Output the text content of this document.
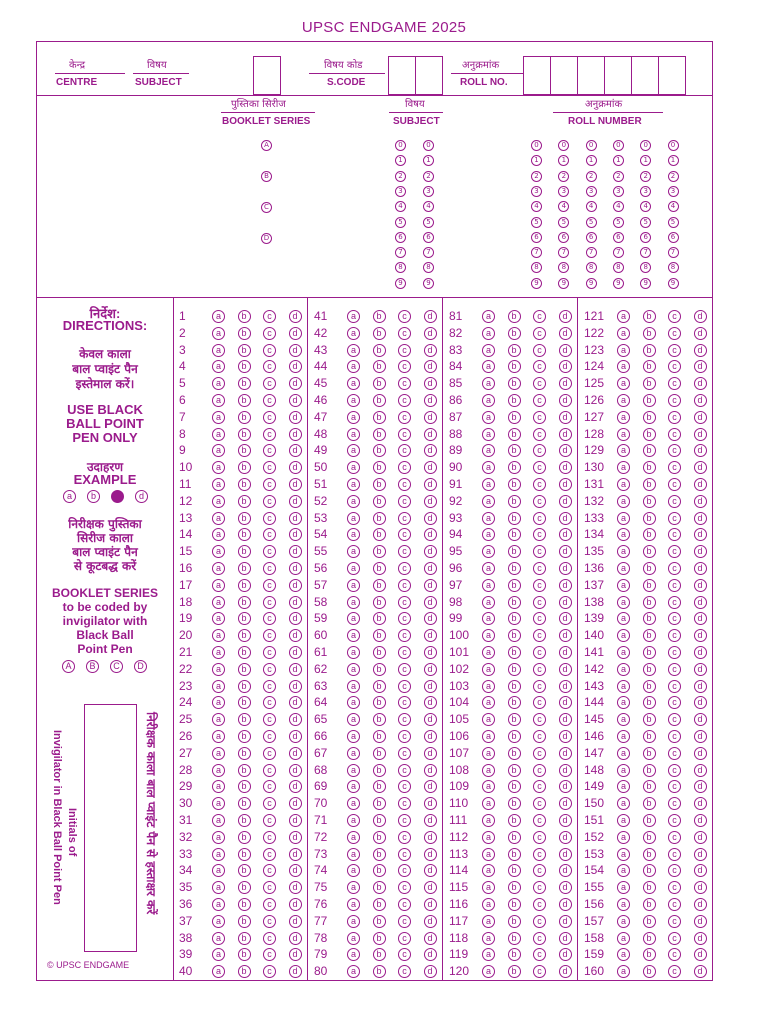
UPSC ENDGAME 2025
केन्द्र
CENTRE
विषय
SUBJECT
विषय कोड
S.CODE
अनुक्रमांक
ROLL NO.
पुस्तिका सिरीज
BOOKLET SERIES
विषय
SUBJECT
अनुक्रमांक
ROLL NUMBER
A
B
C
D
0
1
2
3
4
5
6
7
8
9
0
1
2
3
4
5
6
7
8
9
0
1
2
3
4
5
6
7
8
9
0
1
2
3
4
5
6
7
8
9
0
1
2
3
4
5
6
7
8
9
0
1
2
3
4
5
6
7
8
9
0
1
2
3
4
5
6
7
8
9
0
1
2
3
4
5
6
7
8
9
1	a	b	c	d
2	a	b	c	d
3	a	b	c	d
4	a	b	c	d
5	a	b	c	d
6	a	b	c	d
7	a	b	c	d
8	a	b	c	d
9	a	b	c	d
10	a	b	c	d
11	a	b	c	d
12	a	b	c	d
13	a	b	c	d
14	a	b	c	d
15	a	b	c	d
16	a	b	c	d
17	a	b	c	d
18	a	b	c	d
19	a	b	c	d
20	a	b	c	d
21	a	b	c	d
22	a	b	c	d
23	a	b	c	d
24	a	b	c	d
25	a	b	c	d
26	a	b	c	d
27	a	b	c	d
28	a	b	c	d
29	a	b	c	d
30	a	b	c	d
31	a	b	c	d
32	a	b	c	d
33	a	b	c	d
34	a	b	c	d
35	a	b	c	d
36	a	b	c	d
37	a	b	c	d
38	a	b	c	d
39	a	b	c	d
40	a	b	c	d
41	a	b	c	d
42	a	b	c	d
43	a	b	c	d
44	a	b	c	d
45	a	b	c	d
46	a	b	c	d
47	a	b	c	d
48	a	b	c	d
49	a	b	c	d
50	a	b	c	d
51	a	b	c	d
52	a	b	c	d
53	a	b	c	d
54	a	b	c	d
55	a	b	c	d
56	a	b	c	d
57	a	b	c	d
58	a	b	c	d
59	a	b	c	d
60	a	b	c	d
61	a	b	c	d
62	a	b	c	d
63	a	b	c	d
64	a	b	c	d
65	a	b	c	d
66	a	b	c	d
67	a	b	c	d
68	a	b	c	d
69	a	b	c	d
70	a	b	c	d
71	a	b	c	d
72	a	b	c	d
73	a	b	c	d
74	a	b	c	d
75	a	b	c	d
76	a	b	c	d
77	a	b	c	d
78	a	b	c	d
79	a	b	c	d
80	a	b	c	d
81	a	b	c	d
82	a	b	c	d
83	a	b	c	d
84	a	b	c	d
85	a	b	c	d
86	a	b	c	d
87	a	b	c	d
88	a	b	c	d
89	a	b	c	d
90	a	b	c	d
91	a	b	c	d
92	a	b	c	d
93	a	b	c	d
94	a	b	c	d
95	a	b	c	d
96	a	b	c	d
97	a	b	c	d
98	a	b	c	d
99	a	b	c	d
100	a	b	c	d
101	a	b	c	d
102	a	b	c	d
103	a	b	c	d
104	a	b	c	d
105	a	b	c	d
106	a	b	c	d
107	a	b	c	d
108	a	b	c	d
109	a	b	c	d
110	a	b	c	d
111	a	b	c	d
112	a	b	c	d
113	a	b	c	d
114	a	b	c	d
115	a	b	c	d
116	a	b	c	d
117	a	b	c	d
118	a	b	c	d
119	a	b	c	d
120	a	b	c	d
121	a	b	c	d
122	a	b	c	d
123	a	b	c	d
124	a	b	c	d
125	a	b	c	d
126	a	b	c	d
127	a	b	c	d
128	a	b	c	d
129	a	b	c	d
130	a	b	c	d
131	a	b	c	d
132	a	b	c	d
133	a	b	c	d
134	a	b	c	d
135	a	b	c	d
136	a	b	c	d
137	a	b	c	d
138	a	b	c	d
139	a	b	c	d
140	a	b	c	d
141	a	b	c	d
142	a	b	c	d
143	a	b	c	d
144	a	b	c	d
145	a	b	c	d
146	a	b	c	d
147	a	b	c	d
148	a	b	c	d
149	a	b	c	d
150	a	b	c	d
151	a	b	c	d
152	a	b	c	d
153	a	b	c	d
154	a	b	c	d
155	a	b	c	d
156	a	b	c	d
157	a	b	c	d
158	a	b	c	d
159	a	b	c	d
160	a	b	c	d
निर्देश:
DIRECTIONS:
केवल काला
बाल प्वाइंट पैन
इस्तेमाल करें।
USE BLACK
BALL POINT
PEN ONLY
उदाहरण
EXAMPLE
a	b	d
निरीक्षक पुस्तिका
सिरीज काला
बाल प्वाइंट पैन
से कूटबद्ध करें
BOOKLET SERIES
to be coded by
invigilator with
Black Ball
Point Pen
A	B	C	D
Initials of
Invigilator in Black Ball Point Pen	निरीक्षक काला बाल प्वाइंट पैन से हस्ताक्षर करें
© UPSC ENDGAME
